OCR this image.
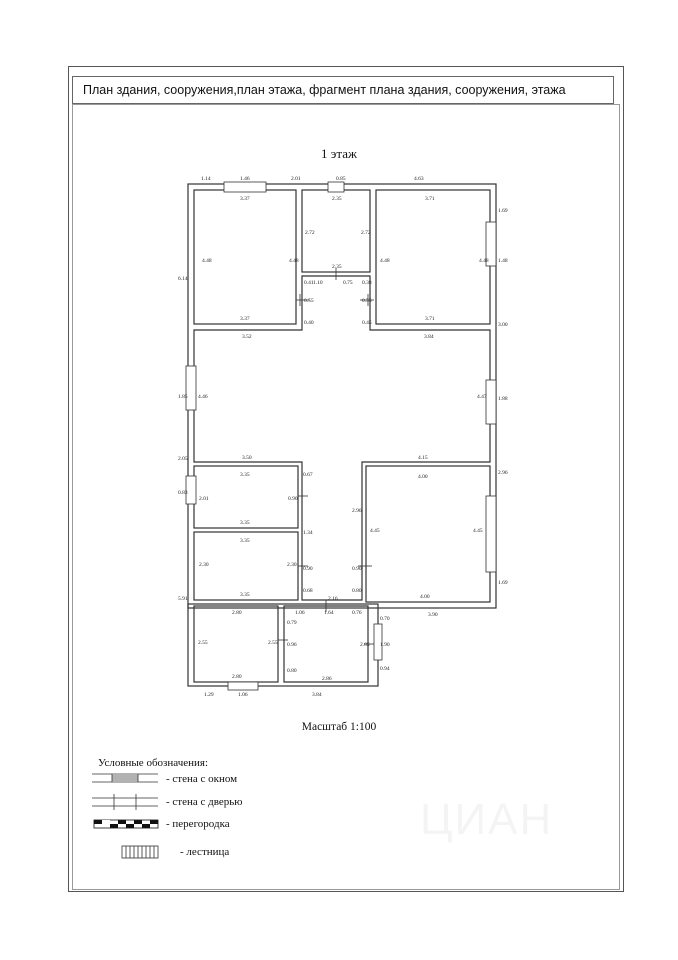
План здания, сооружения,план этажа, фрагмент плана здания, сооружения, этажа
1 этаж
1.14	1.46	2.01	0.85	4.63
3.37
4.48	4.48
3.37
2.35
2.72	2.72
2.35
3.71
4.48	4.48
3.71
1.10	0.75
0.41
0.55
0.38
0.55
0.40	0.45
3.52	3.84
4.46	4.47
3.50	4.15
3.35
2.01
3.35
3.35
2.30	2.30
3.35
4.00
4.45	4.45
4.00
0.67
0.90
1.34
0.90
0.68
2.96
0.90
0.80
2.80
2.55	2.55
2.80
1.06	1.64	0.76
2.16
0.79
0.96
0.80
2.86
2.85
1.69
1.48
3.00
1.88
2.96
1.69
6.14
1.85
2.05
0.83
5.91
1.29	1.06	3.84
3.90
0.70
1.90
0.94
Масштаб 1:100
Условные обозначения:
- стена с окном
- стена с дверью
- перегородка
- лестница
